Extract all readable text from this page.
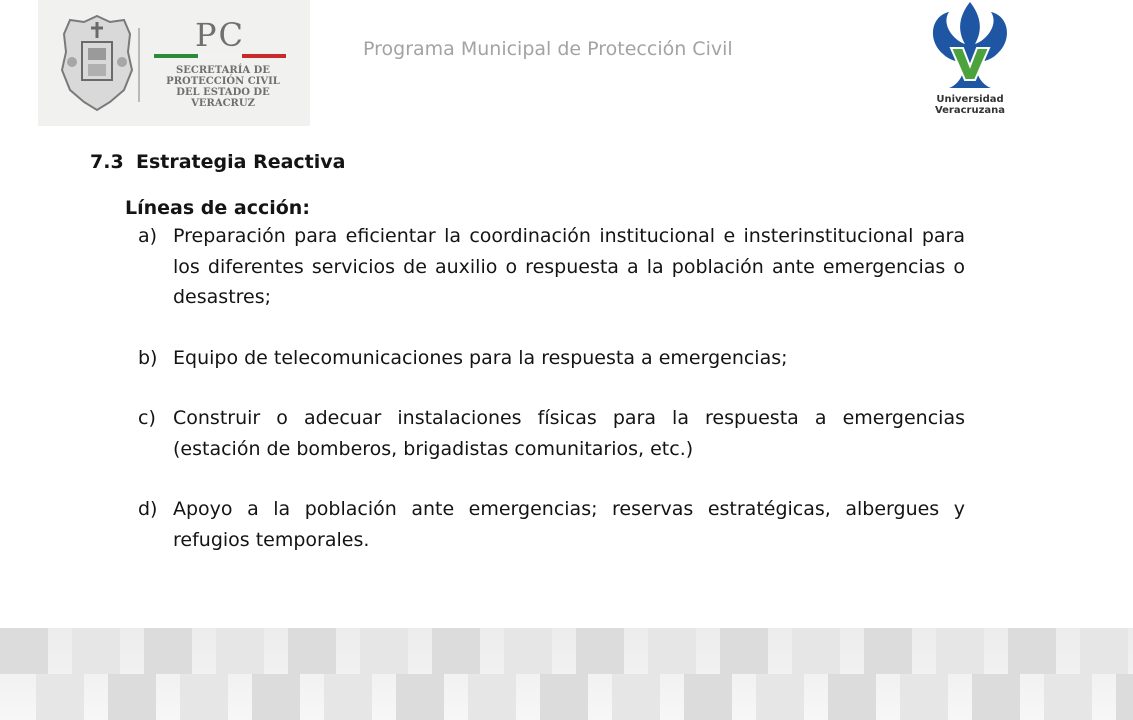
PC
SECRETARÍA DE
PROTECCIÓN CIVIL
DEL ESTADO DE VERACRUZ
Programa Municipal de Protección Civil
Universidad Veracruzana
7.3 Estrategia Reactiva
Líneas de acción:
a) Preparación para eficientar la coordinación institucional e insterinstitucional para los diferentes servicios de auxilio o respuesta a la población ante emergencias o desastres;
b) Equipo de telecomunicaciones para la respuesta a emergencias;
c) Construir o adecuar instalaciones físicas para la respuesta a emergencias (estación de bomberos, brigadistas comunitarios, etc.)
d) Apoyo a la población ante emergencias; reservas estratégicas, albergues y refugios temporales.
